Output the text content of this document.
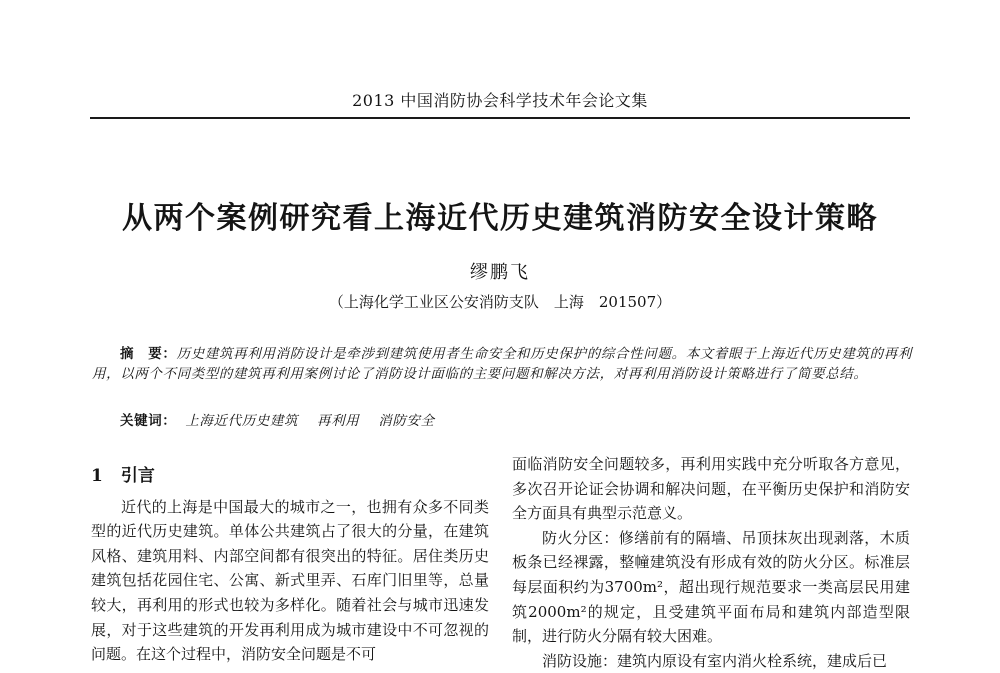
2013 中国消防协会科学技术年会论文集
从两个案例研究看上海近代历史建筑消防安全设计策略
缪鹏飞
（上海化学工业区公安消防支队　上海　201507）
摘　要：历史建筑再利用消防设计是牵涉到建筑使用者生命安全和历史保护的综合性问题。本文着眼于上海近代历史建筑的再利用，以两个不同类型的建筑再利用案例讨论了消防设计面临的主要问题和解决方法，对再利用消防设计策略进行了简要总结。
关键词： 上海近代历史建筑 再利用 消防安全
1 引言

近代的上海是中国最大的城市之一，也拥有众多不同类型的近代历史建筑。单体公共建筑占了很大的分量，在建筑风格、建筑用料、内部空间都有很突出的特征。居住类历史建筑包括花园住宅、公寓、新式里弄、石库门旧里等，总量较大，再利用的形式也较为多样化。随着社会与城市迅速发展，对于这些建筑的开发再利用成为城市建设中不可忽视的问题。在这个过程中，消防安全问题是不可

面临消防安全问题较多，再利用实践中充分听取各方意见，多次召开论证会协调和解决问题，在平衡历史保护和消防安全方面具有典型示范意义。

防火分区：修缮前有的隔墙、吊顶抹灰出现剥落，木质板条已经裸露，整幢建筑没有形成有效的防火分区。标准层每层面积约为3700m²，超出现行规范要求一类高层民用建筑2000m²的规定，且受建筑平面布局和建筑内部造型限制，进行防火分隔有较大困难。

消防设施：建筑内原设有室内消火栓系统，建成后已
